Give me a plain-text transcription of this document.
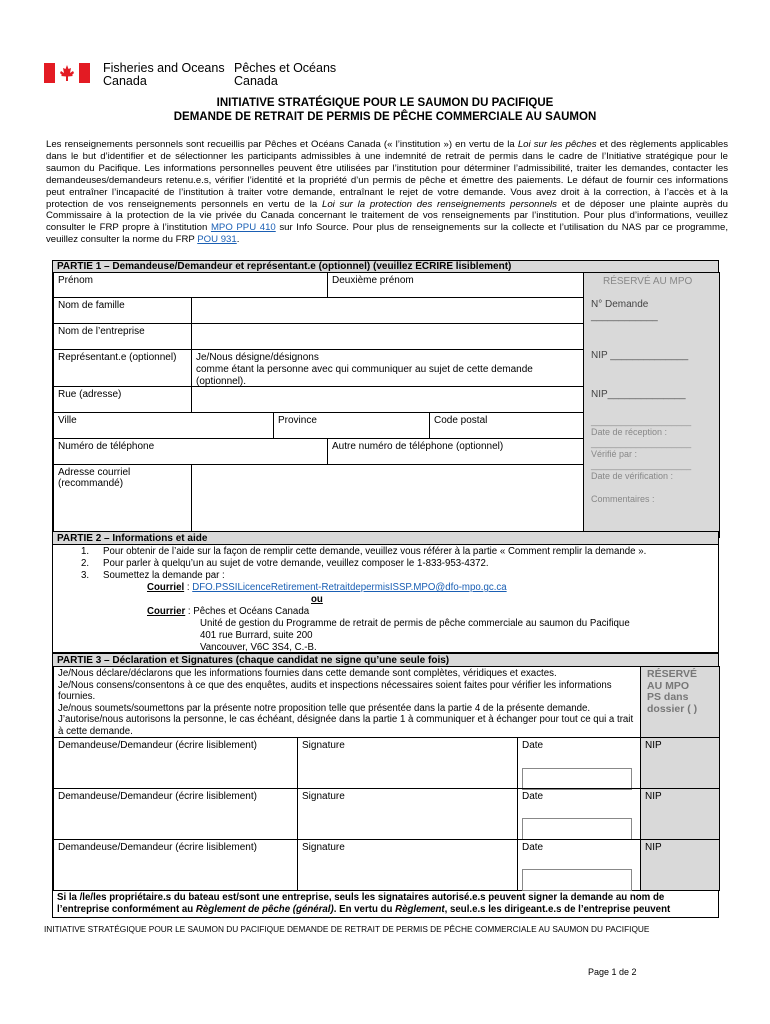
Fisheries and Oceans
Canada
Pêches et Océans
Canada
INITIATIVE STRATÉGIQUE POUR LE SAUMON DU PACIFIQUE
DEMANDE DE RETRAIT DE PERMIS DE PÊCHE COMMERCIALE AU SAUMON
Les renseignements personnels sont recueillis par Pêches et Océans Canada (« l’institution ») en vertu de la Loi sur les pêches et des règlements applicables dans le but d’identifier et de sélectionner les participants admissibles à une indemnité de retrait de permis dans le cadre de l’Initiative stratégique pour le saumon du Pacifique. Les informations personnelles peuvent être utilisées par l’institution pour déterminer l’admissibilité, traiter les demandes, contacter les demandeuses/demandeurs retenu.e.s, vérifier l’identité et la propriété d’un permis de pêche et émettre des paiements. Le défaut de fournir ces informations peut entraîner l’incapacité de l’institution à traiter votre demande, entraînant le rejet de votre demande. Vous avez droit à la correction, à l’accès et à la protection de vos renseignements personnels en vertu de la Loi sur la protection des renseignements personnels et de déposer une plainte auprès du Commissaire à la protection de la vie privée du Canada concernant le traitement de vos renseignements par l’institution. Pour plus d’informations, veuillez consulter le FRP propre à l’institution MPO PPU 410 sur Info Source. Pour plus de renseignements sur la collecte et l’utilisation du NAS par ce programme, veuillez consulter la norme du FRP POU 931.
PARTIE 1 – Demandeuse/Demandeur et représentant.e (optionnel) (veuillez ÉCRIRE lisiblement)
RÉSERVÉ AU MPO
N° Demande
____________
NIP ______________
NIP______________
____________________
Date de réception :
____________________
Vérifié par :
____________________
Date de vérification :
Commentaires :
Prénom	Deuxième prénom
Nom de famille
Nom de l’entreprise
Représentant.e (optionnel)	Je/Nous désigne/désignons
comme étant la personne avec qui communiquer au sujet de cette demande
(optionnel).
Rue (adresse)
Ville	Province	Code postal
Numéro de téléphone	Autre numéro de téléphone (optionnel)
Adresse courriel
(recommandé)
PARTIE 2 – Informations et aide
1. Pour obtenir de l’aide sur la façon de remplir cette demande, veuillez vous référer à la partie « Comment remplir la demande ».
2. Pour parler à quelqu’un au sujet de votre demande, veuillez composer le 1-833-953-4372.
3. Soumettez la demande par :
Courriel : DFO.PSSILicenceRetirement-RetraitdepermisISSP.MPO@dfo-mpo.gc.ca
ou
Courrier : Pêches et Océans Canada
Unité de gestion du Programme de retrait de permis de pêche commerciale au saumon du Pacifique
401 rue Burrard, suite 200
Vancouver, V6C 3S4, C.-B.
PARTIE 3 – Déclaration et Signatures (chaque candidat ne signe qu’une seule fois)
Je/Nous déclare/déclarons que les informations fournies dans cette demande sont complètes, véridiques et exactes.
Je/Nous consens/consentons à ce que des enquêtes, audits et inspections nécessaires soient faites pour vérifier les informations fournies.
Je/nous soumets/soumettons par la présente notre proposition telle que présentée dans la partie 4 de la présente demande.
J’autorise/nous autorisons la personne, le cas échéant, désignée dans la partie 1 à communiquer et à échanger pour tout ce qui a trait à cette demande.
RÉSERVÉ
AU MPO
PS dans
dossier ( )
Demandeuse/Demandeur (écrire lisiblement)	Signature	Date	NIP
Demandeuse/Demandeur (écrire lisiblement)	Signature	Date	NIP
Demandeuse/Demandeur (écrire lisiblement)	Signature	Date	NIP
Si la /le/les propriétaire.s du bateau est/sont une entreprise, seuls les signataires autorisé.e.s peuvent signer la demande au nom de
l’entreprise conformément au Règlement de pêche (général). En vertu du Règlement, seul.e.s les dirigeant.e.s de l’entreprise peuvent
INITIATIVE STRATÉGIQUE POUR LE SAUMON DU PACIFIQUE DEMANDE DE RETRAIT DE PERMIS DE PÊCHE COMMERCIALE AU SAUMON DU PACIFIQUE
Page 1 de 2
